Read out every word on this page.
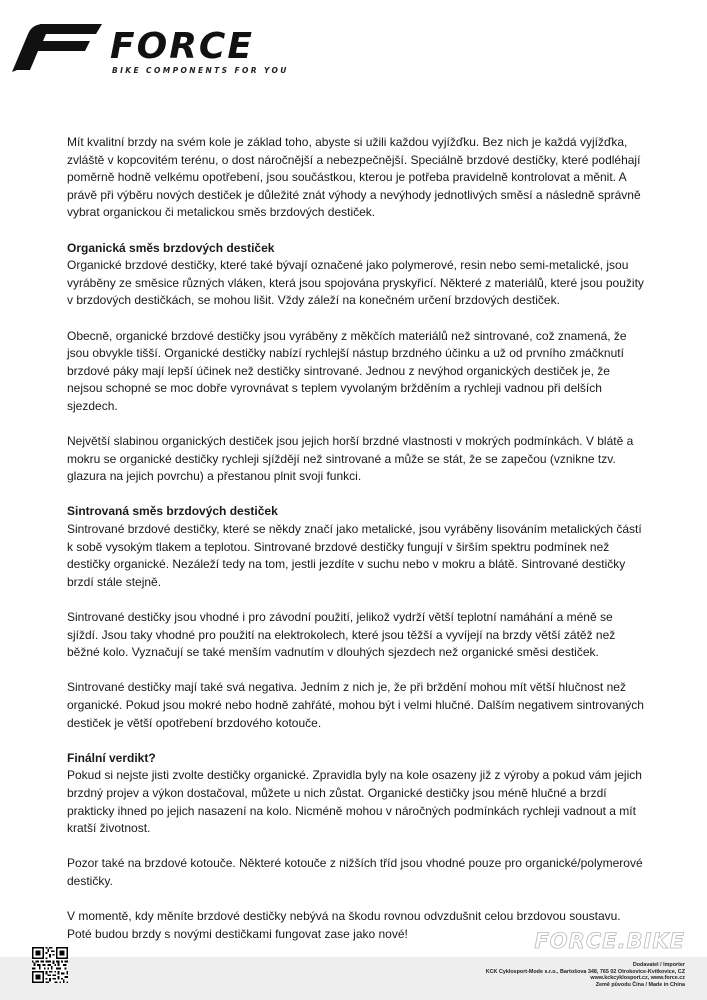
FORCE
BIKE COMPONENTS FOR YOU

Mít kvalitní brzdy na svém kole je základ toho, abyste si užili každou vyjížďku. Bez nich je každá vyjížďka, zvláště v kopcovitém terénu, o dost náročnější a nebezpečnější. Speciálně brzdové destičky, které podléhají poměrně hodně velkému opotřebení, jsou součástkou, kterou je potřeba pravidelně kontrolovat a měnit. A právě při výběru nových destiček je důležité znát výhody a nevýhody jednotlivých směsí a následně správně vybrat organickou či metalickou směs brzdových destiček.

Organická směs brzdových destiček

Organické brzdové destičky, které také bývají označené jako polymerové, resin nebo semi-metalické, jsou vyráběny ze směsice různých vláken, která jsou spojována pryskyřicí. Některé z materiálů, které jsou použity v brzdových destičkách, se mohou lišit. Vždy záleží na konečném určení brzdových destiček.

Obecně, organické brzdové destičky jsou vyráběny z měkčích materiálů než sintrované, což znamená, že jsou obvykle tišší. Organické destičky nabízí rychlejší nástup brzdného účinku a už od prvního zmáčknutí brzdové páky mají lepší účinek než destičky sintrované. Jednou z nevýhod organických destiček je, že nejsou schopné se moc dobře vyrovnávat s teplem vyvolaným bržděním a rychleji vadnou při delších sjezdech.

Největší slabinou organických destiček jsou jejich horší brzdné vlastnosti v mokrých podmínkách. V blátě a mokru se organické destičky rychleji sjíždějí než sintrované a může se stát, že se zapečou (vznikne tzv. glazura na jejich povrchu) a přestanou plnit svoji funkci.

Sintrovaná směs brzdových destiček

Sintrované brzdové destičky, které se někdy značí jako metalické, jsou vyráběny lisováním metalických částí k sobě vysokým tlakem a teplotou. Sintrované brzdové destičky fungují v širším spektru podmínek než destičky organické. Nezáleží tedy na tom, jestli jezdíte v suchu nebo v mokru a blátě. Sintrované destičky brzdí stále stejně.

Sintrované destičky jsou vhodné i pro závodní použití, jelikož vydrží větší teplotní namáhání a méně se sjíždí. Jsou taky vhodné pro použití na elektrokolech, které jsou těžší a vyvíjejí na brzdy větší zátěž než běžné kolo. Vyznačují se také menším vadnutím v dlouhých sjezdech než organické směsi destiček.

Sintrované destičky mají také svá negativa. Jedním z nich je, že při brždění mohou mít větší hlučnost než organické. Pokud jsou mokré nebo hodně zahřáté, mohou být i velmi hlučné. Dalším negativem sintrovaných destiček je větší opotřebení brzdového kotouče.

Finální verdikt?

Pokud si nejste jisti zvolte destičky organické. Zpravidla byly na kole osazeny již z výroby a pokud vám jejich brzdný projev a výkon dostačoval, můžete u nich zůstat. Organické destičky jsou méně hlučné a brzdí prakticky ihned po jejich nasazení na kolo. Nicméně mohou v náročných podmínkách rychleji vadnout a mít kratší životnost.

Pozor také na brzdové kotouče. Některé kotouče z nižších tříd jsou vhodné pouze pro organické/polymerové destičky.

V momentě, kdy měníte brzdové destičky nebývá na škodu rovnou odvzdušnit celou brzdovou soustavu. Poté budou brzdy s novými destičkami fungovat zase jako nové!	FORCE.BIKE
Dodavatel / Importer
KCK Cyklosport-Mode s.r.o., Bartošova 348, 765 02 Otrokovice-Kvítkovice, CZ
www.kckcyklosport.cz, www.force.cz
Země původu Čína / Made in China
